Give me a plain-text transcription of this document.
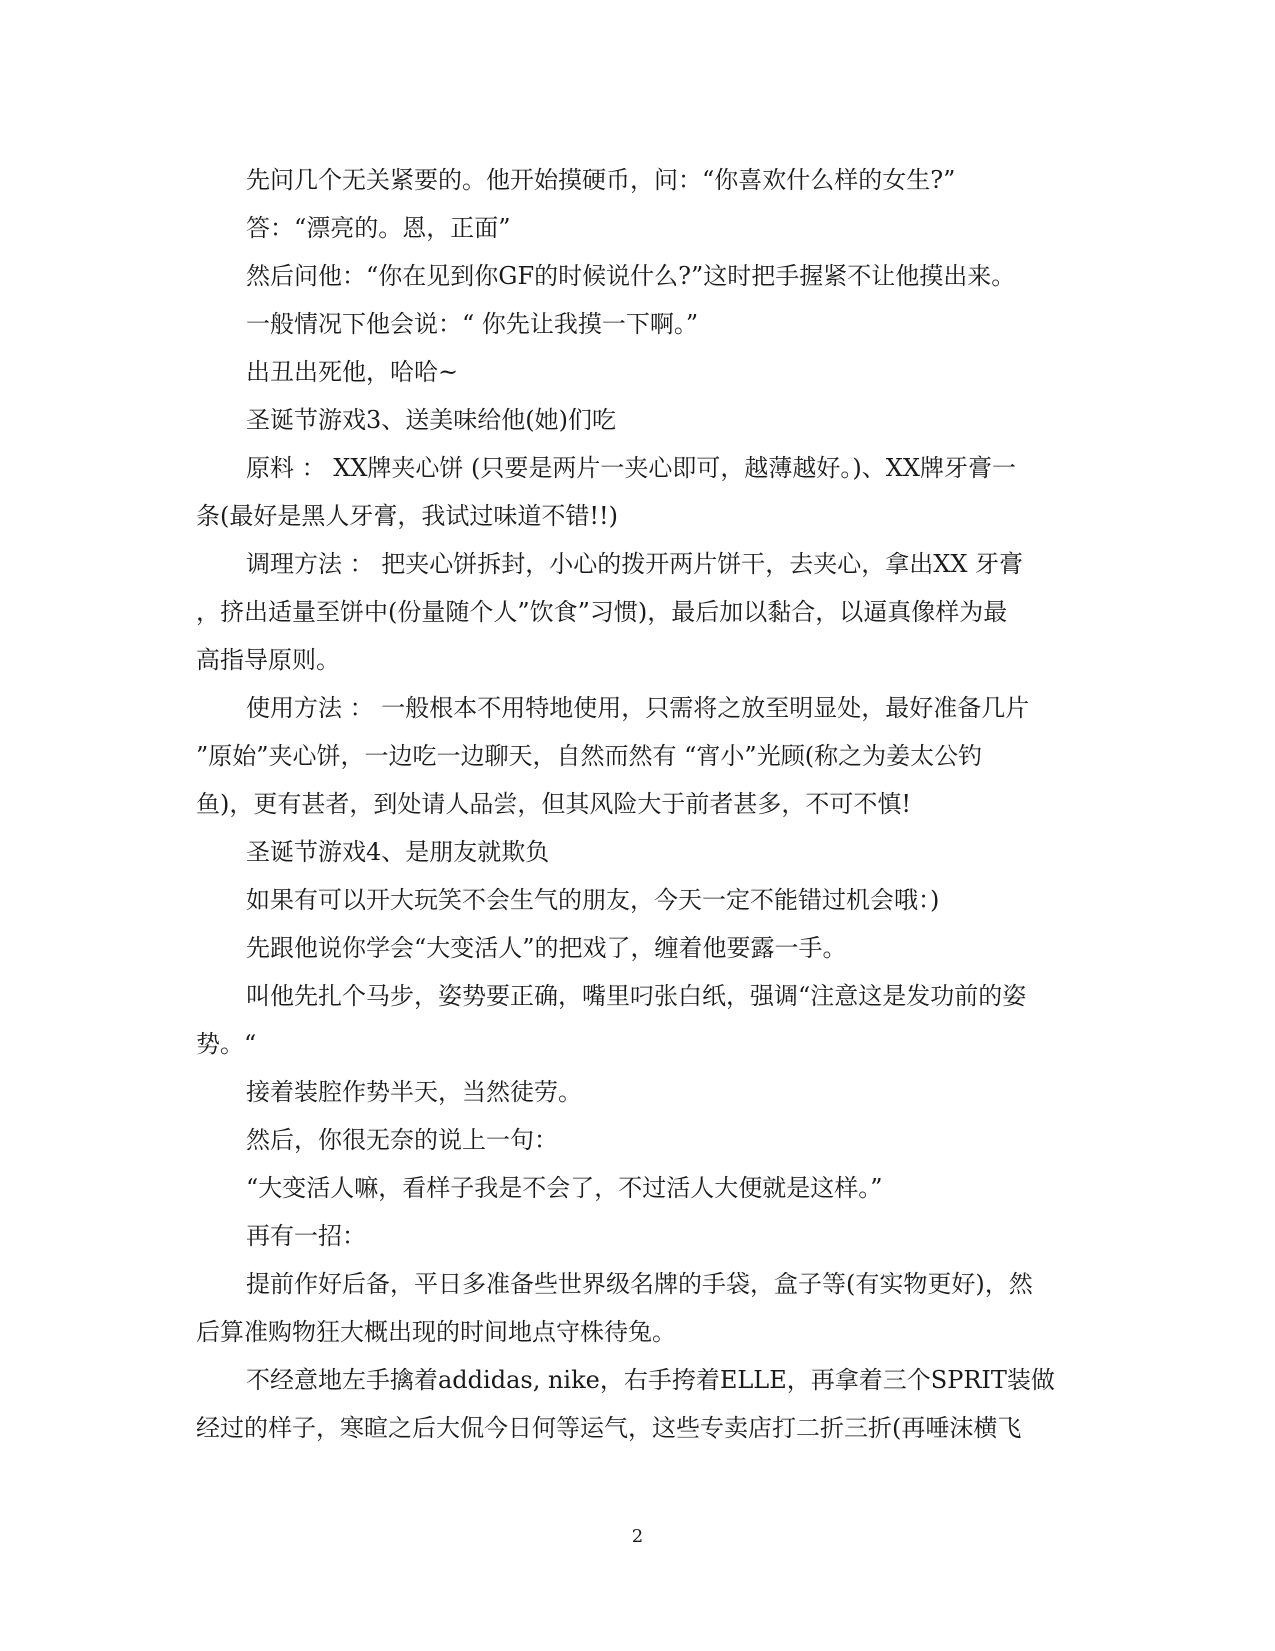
先问几个无关紧要的。他开始摸硬币，问：“你喜欢什么样的女生?”
答：“漂亮的。恩，正面”
然后问他：“你在见到你GF的时候说什么?”这时把手握紧不让他摸出来。
一般情况下他会说：“ 你先让我摸一下啊。”
出丑出死他，哈哈~
圣诞节游戏3、送美味给他(她)们吃
原料 ： XX牌夹心饼 (只要是两片一夹心即可，越薄越好。)、XX牌牙膏一
条(最好是黑人牙膏，我试过味道不错!!)
调理方法 ： 把夹心饼拆封，小心的拨开两片饼干，去夹心，拿出XX 牙膏
，挤出适量至饼中(份量随个人”饮食”习惯)，最后加以黏合，以逼真像样为最
高指导原则。
使用方法 ： 一般根本不用特地使用，只需将之放至明显处，最好准备几片
”原始”夹心饼，一边吃一边聊天，自然而然有 “宵小”光顾(称之为姜太公钓
鱼)，更有甚者，到处请人品尝，但其风险大于前者甚多，不可不慎!
圣诞节游戏4、是朋友就欺负
如果有可以开大玩笑不会生气的朋友，今天一定不能错过机会哦：)
先跟他说你学会“大变活人”的把戏了，缠着他要露一手。
叫他先扎个马步，姿势要正确，嘴里叼张白纸，强调“注意这是发功前的姿
势。“
接着装腔作势半天，当然徒劳。
然后，你很无奈的说上一句：
“大变活人嘛，看样子我是不会了，不过活人大便就是这样。”
再有一招：
提前作好后备，平日多准备些世界级名牌的手袋，盒子等(有实物更好)，然
后算准购物狂大概出现的时间地点守株待兔。
不经意地左手擒着addidas, nike，右手挎着ELLE，再拿着三个SPRIT装做
经过的样子，寒暄之后大侃今日何等运气，这些专卖店打二折三折(再唾沫横飞
2
